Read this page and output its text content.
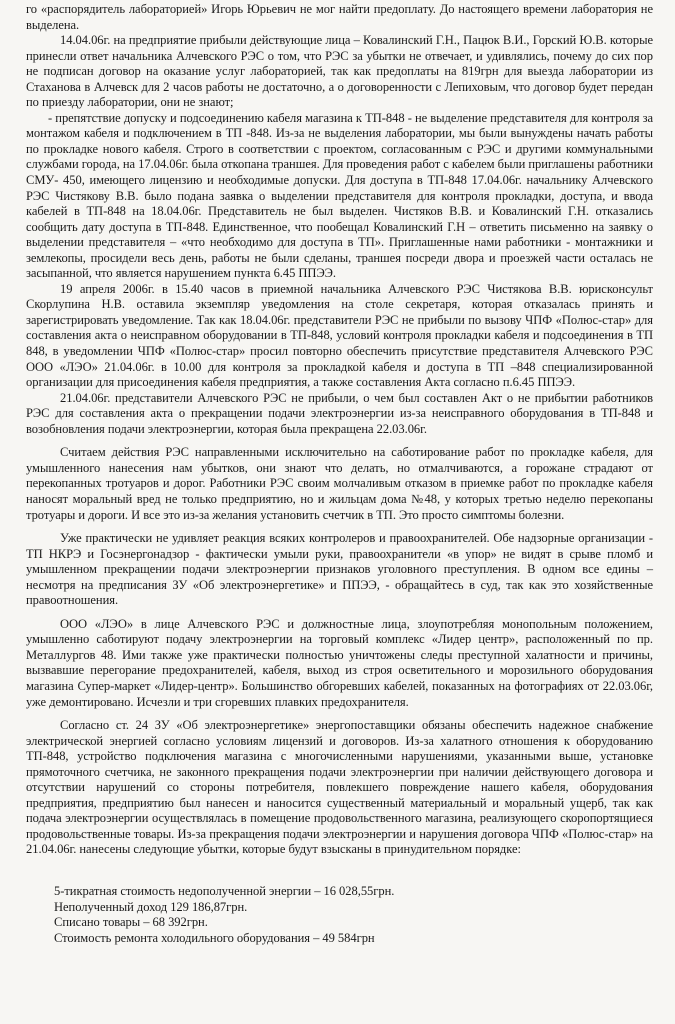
го «распорядитель лабораторией» Игорь Юрьевич не мог найти предоплату. До настоящего времени лаборатория не выделена.

14.04.06г. на предприятие прибыли действующие лица – Ковалинский Г.Н., Пацюк В.И., Горский Ю.В. которые принесли ответ начальника Алчевского РЭС о том, что РЭС за убытки не отвечает, и удивлялись, почему до сих пор не подписан договор на оказание услуг лабораторией, так как предоплаты на 819грн для выезда лаборатории из Стаханова в Алчевск для 2 часов работы не достаточно, а о договоренности с Лепиховым, что договор будет передан по приезду лаборатории, они не знают;

- препятствие допуску и подсоединению кабеля магазина к ТП-848 - не выделение представителя для контроля за монтажом кабеля и подключением в ТП -848. Из-за не выделения лаборатории, мы были вынуждены начать работы по прокладке нового кабеля. Строго в соответствии с проектом, согласованным с РЭС и другими коммунальными службами города, на 17.04.06г. была откопана траншея. Для проведения работ с кабелем были приглашены работники СМУ- 450, имеющего лицензию и необходимые допуски. Для доступа в ТП-848 17.04.06г. начальнику Алчевского РЭС Чистякову В.В. было подана заявка о выделении представителя для контроля прокладки, доступа, и ввода кабелей в ТП-848 на 18.04.06г. Представитель не был выделен. Чистяков В.В. и Ковалинский Г.Н. отказались сообщить дату доступа в ТП-848. Единственное, что пообещал Ковалинский Г.Н – ответить письменно на заявку о выделении представителя – «что необходимо для доступа в ТП». Приглашенные нами работники - монтажники и землекопы, просидели весь день, работы не были сделаны, траншея посреди двора и проезжей части осталась не засыпанной, что является нарушением пункта 6.45 ППЭЭ.

19 апреля 2006г. в 15.40 часов в приемной начальника Алчевского РЭС Чистякова В.В. юрисконсульт Скорлупина Н.В. оставила экземпляр уведомления на столе секретаря, которая отказалась принять и зарегистрировать уведомление. Так как 18.04.06г. представители РЭС не прибыли по вызову ЧПФ «Полюс-стар» для составления акта о неисправном оборудовании в ТП-848, условий контроля прокладки кабеля и подсоединения в ТП 848, в уведомлении ЧПФ «Полюс-стар» просил повторно обеспечить присутствие представителя Алчевского РЭС ООО «ЛЭО» 21.04.06г. в 10.00 для контроля за прокладкой кабеля и доступа в ТП –848 специализированной организации для присоединения кабеля предприятия, а также составления Акта согласно п.6.45 ППЭЭ.

21.04.06г. представители Алчевского РЭС не прибыли, о чем был составлен Акт о не прибытии работников РЭС для составления акта о прекращении подачи электроэнергии из-за неисправного оборудования в ТП-848 и возобновления подачи электроэнергии, которая была прекращена 22.03.06г.

Считаем действия РЭС направленными исключительно на саботирование работ по прокладке кабеля, для умышленного нанесения нам убытков, они знают что делать, но отмалчиваются, а горожане страдают от перекопанных тротуаров и дорог. Работники РЭС своим молчаливым отказом в приемке работ по прокладке кабеля наносят моральный вред не только предприятию, но и жильцам дома №48, у которых третью неделю перекопаны тротуары и дороги. И все это из-за желания установить счетчик в ТП. Это просто симптомы болезни.

Уже практически не удивляет реакция всяких контролеров и правоохранителей. Обе надзорные организации - ТП НКРЭ и Госэнергонадзор - фактически умыли руки, правоохранители «в упор» не видят в срыве пломб и умышленном прекращении подачи электроэнергии признаков уголовного преступления. В одном все едины – несмотря на предписания ЗУ «Об электроэнергетике» и ППЭЭ, - обращайтесь в суд, так как это хозяйственные правоотношения.

ООО «ЛЭО» в лице Алчевского РЭС и должностные лица, злоупотребляя монопольным положением, умышленно саботируют подачу электроэнергии на торговый комплекс «Лидер центр», расположенный по пр. Металлургов 48. Ими также уже практически полностью уничтожены следы преступной халатности и причины, вызвавшие перегорание предохранителей, кабеля, выход из строя осветительного и морозильного оборудования магазина Супер-маркет «Лидер-центр». Большинство обгоревших кабелей, показанных на фотографиях от 22.03.06г, уже демонтировано. Исчезли и три сгоревших плавких предохранителя.

Согласно ст. 24 ЗУ «Об электроэнергетике» энергопоставщики обязаны обеспечить надежное снабжение электрической энергией согласно условиям лицензий и договоров. Из-за халатного отношения к оборудованию ТП-848, устройство подключения магазина с многочисленными нарушениями, указанными выше, установке прямоточного счетчика, не законного прекращения подачи электроэнергии при наличии действующего договора и отсутствии нарушений со стороны потребителя, повлекшего повреждение нашего кабеля, оборудования предприятия, предприятию был нанесен и наносится существенный материальный и моральный ущерб, так как подача электроэнергии осуществлялась в помещение продовольственного магазина, реализующего скоропортящиеся продовольственные товары. Из-за прекращения подачи электроэнергии и нарушения договора ЧПФ «Полюс-стар» на 21.04.06г. нанесены следующие убытки, которые будут взысканы в принудительном порядке:

5-тикратная стоимость недополученной энергии – 16 028,55грн.
Неполученный доход 129 186,87грн.
Списано товары – 68 392грн.
Стоимость ремонта холодильного оборудования – 49 584грн
